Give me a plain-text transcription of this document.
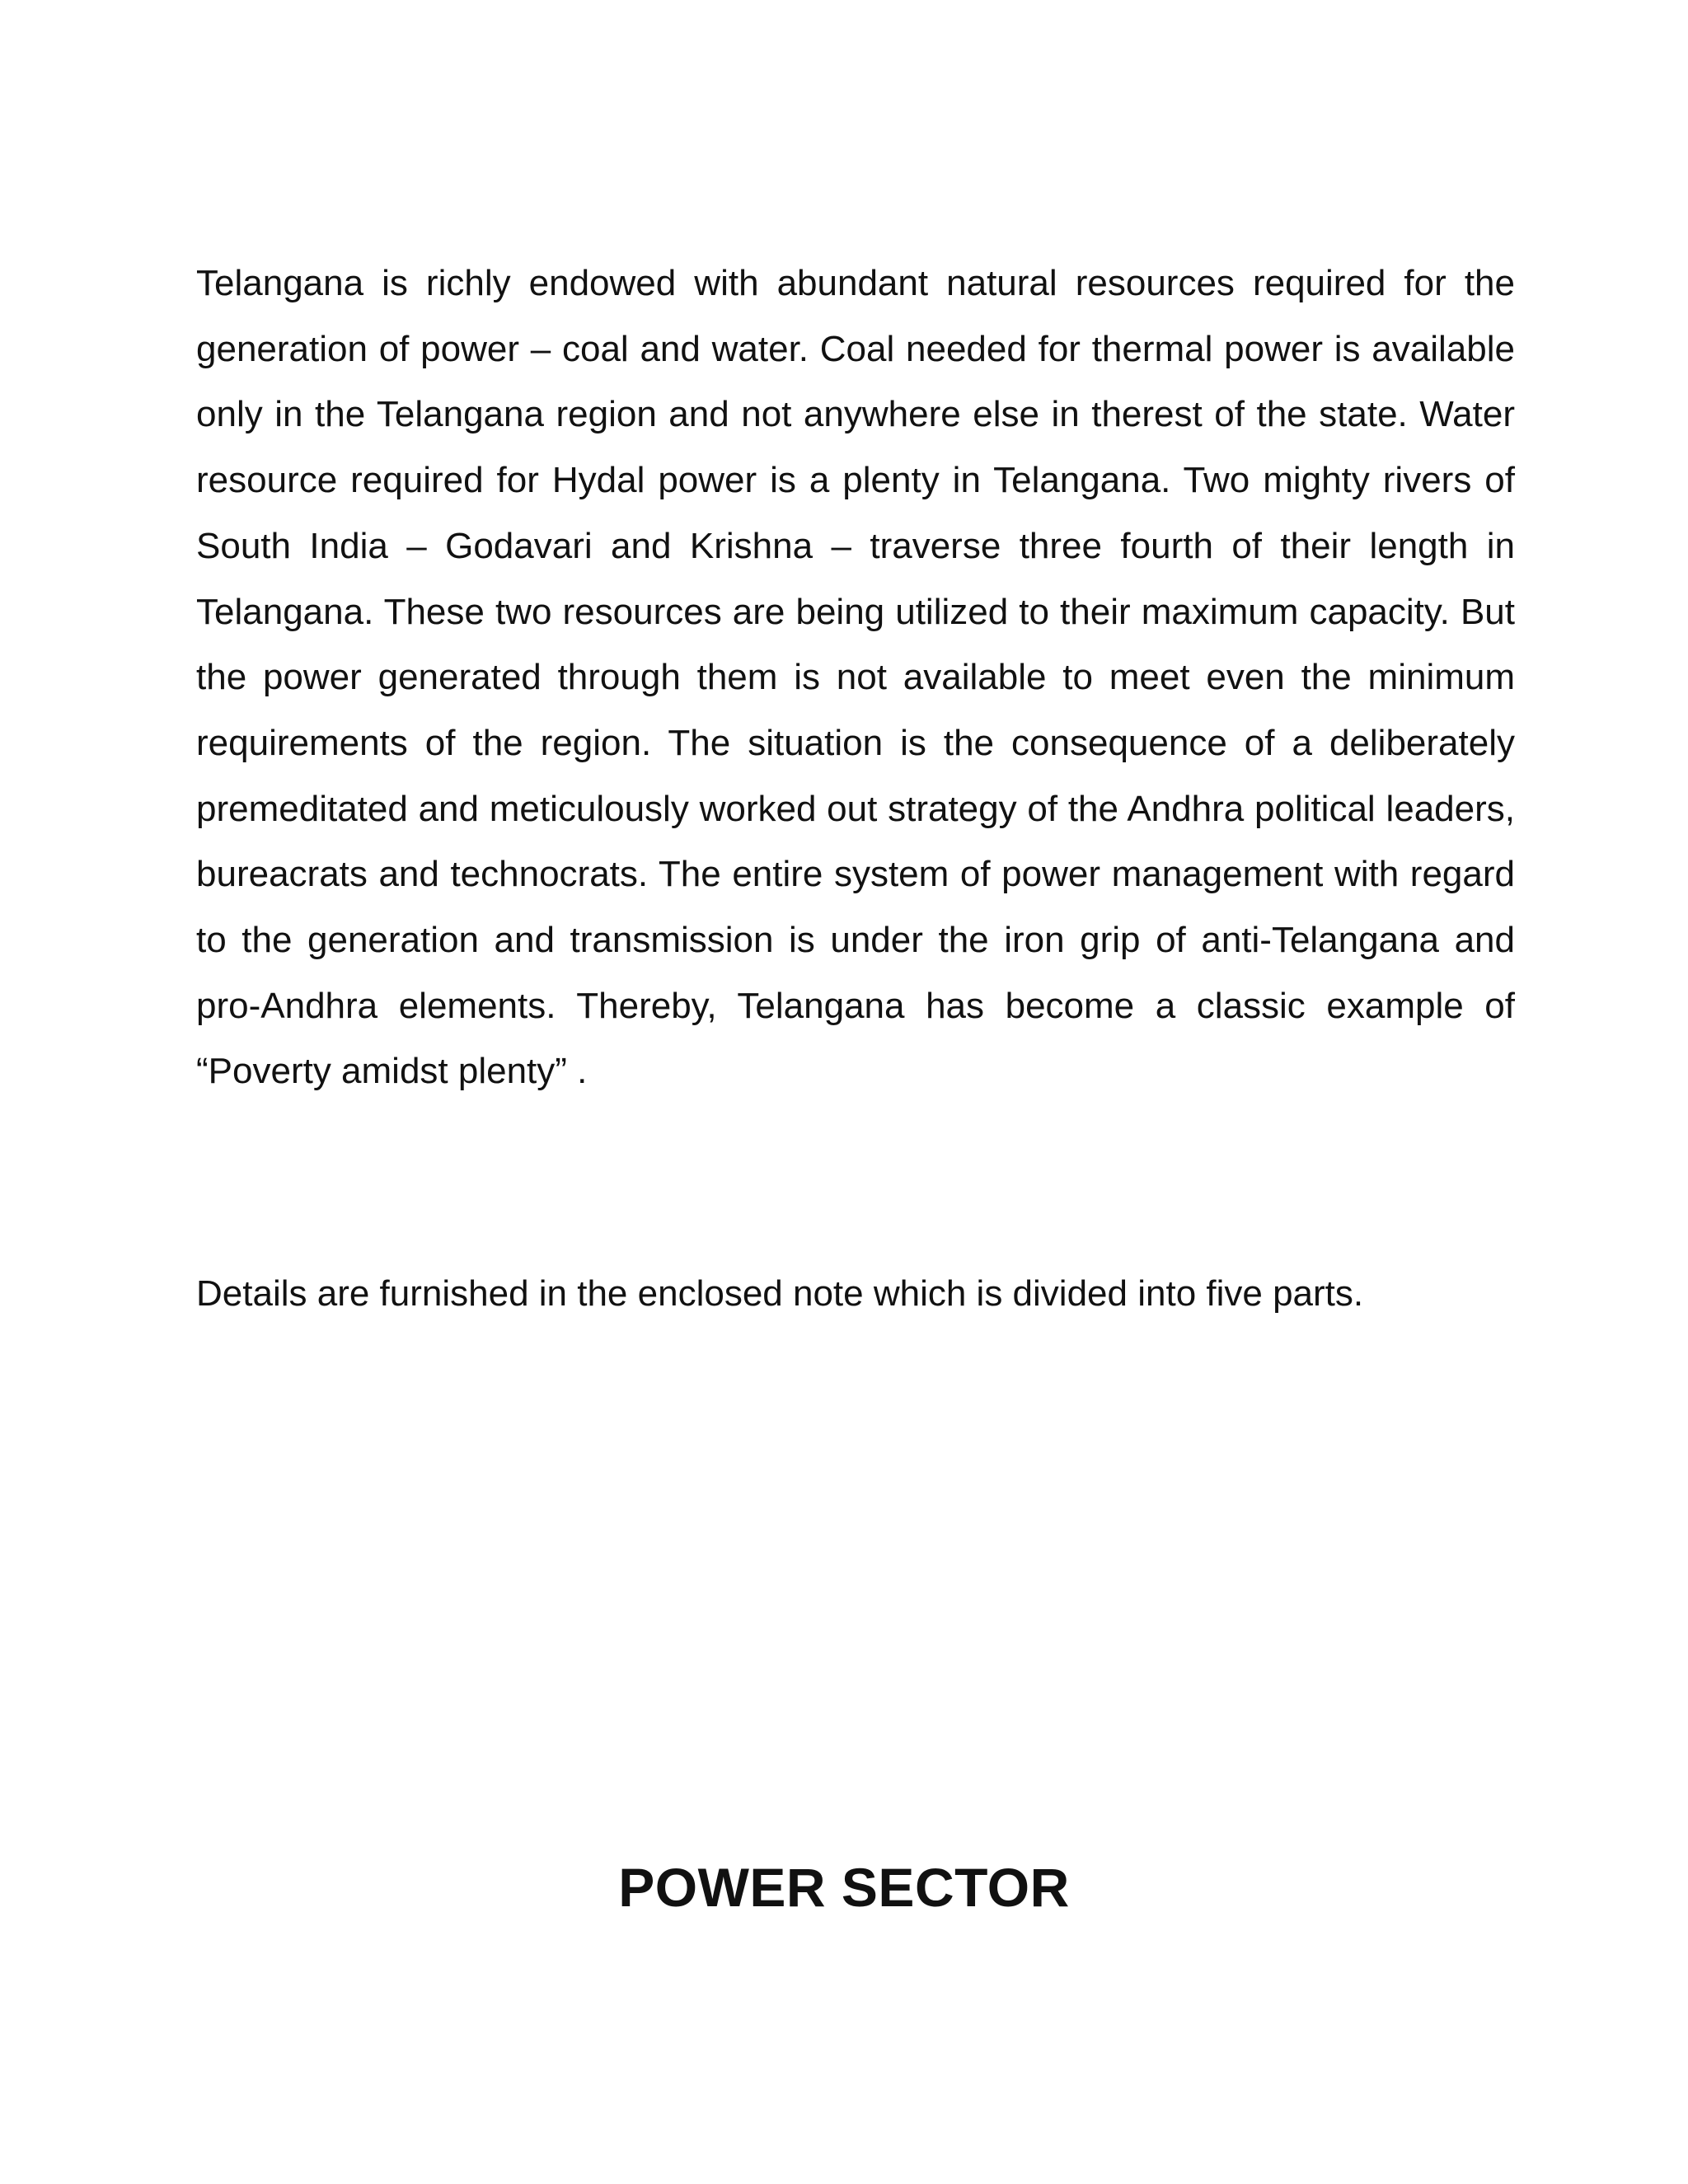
Telangana is richly endowed with abundant natural resources required for the generation of power – coal and water. Coal needed for thermal power is available only in the Telangana region and not anywhere else in therest of the state. Water resource required for Hydal power is a plenty in Telangana. Two mighty rivers of South India – Godavari and Krishna – traverse three fourth of their length in Telangana. These two resources are being utilized to their maximum capacity. But the power generated through them is not available to meet even the minimum requirements of the region. The situation is the consequence of a deliberately premeditated and meticulously worked out strategy of the Andhra political leaders, bureacrats and technocrats. The entire system of power management with regard to the generation and transmission is under the iron grip of anti-Telangana and pro-Andhra elements. Thereby, Telangana has become a classic example of “Poverty amidst plenty” .

Details are furnished in the enclosed note which is divided into five parts.

POWER SECTOR
